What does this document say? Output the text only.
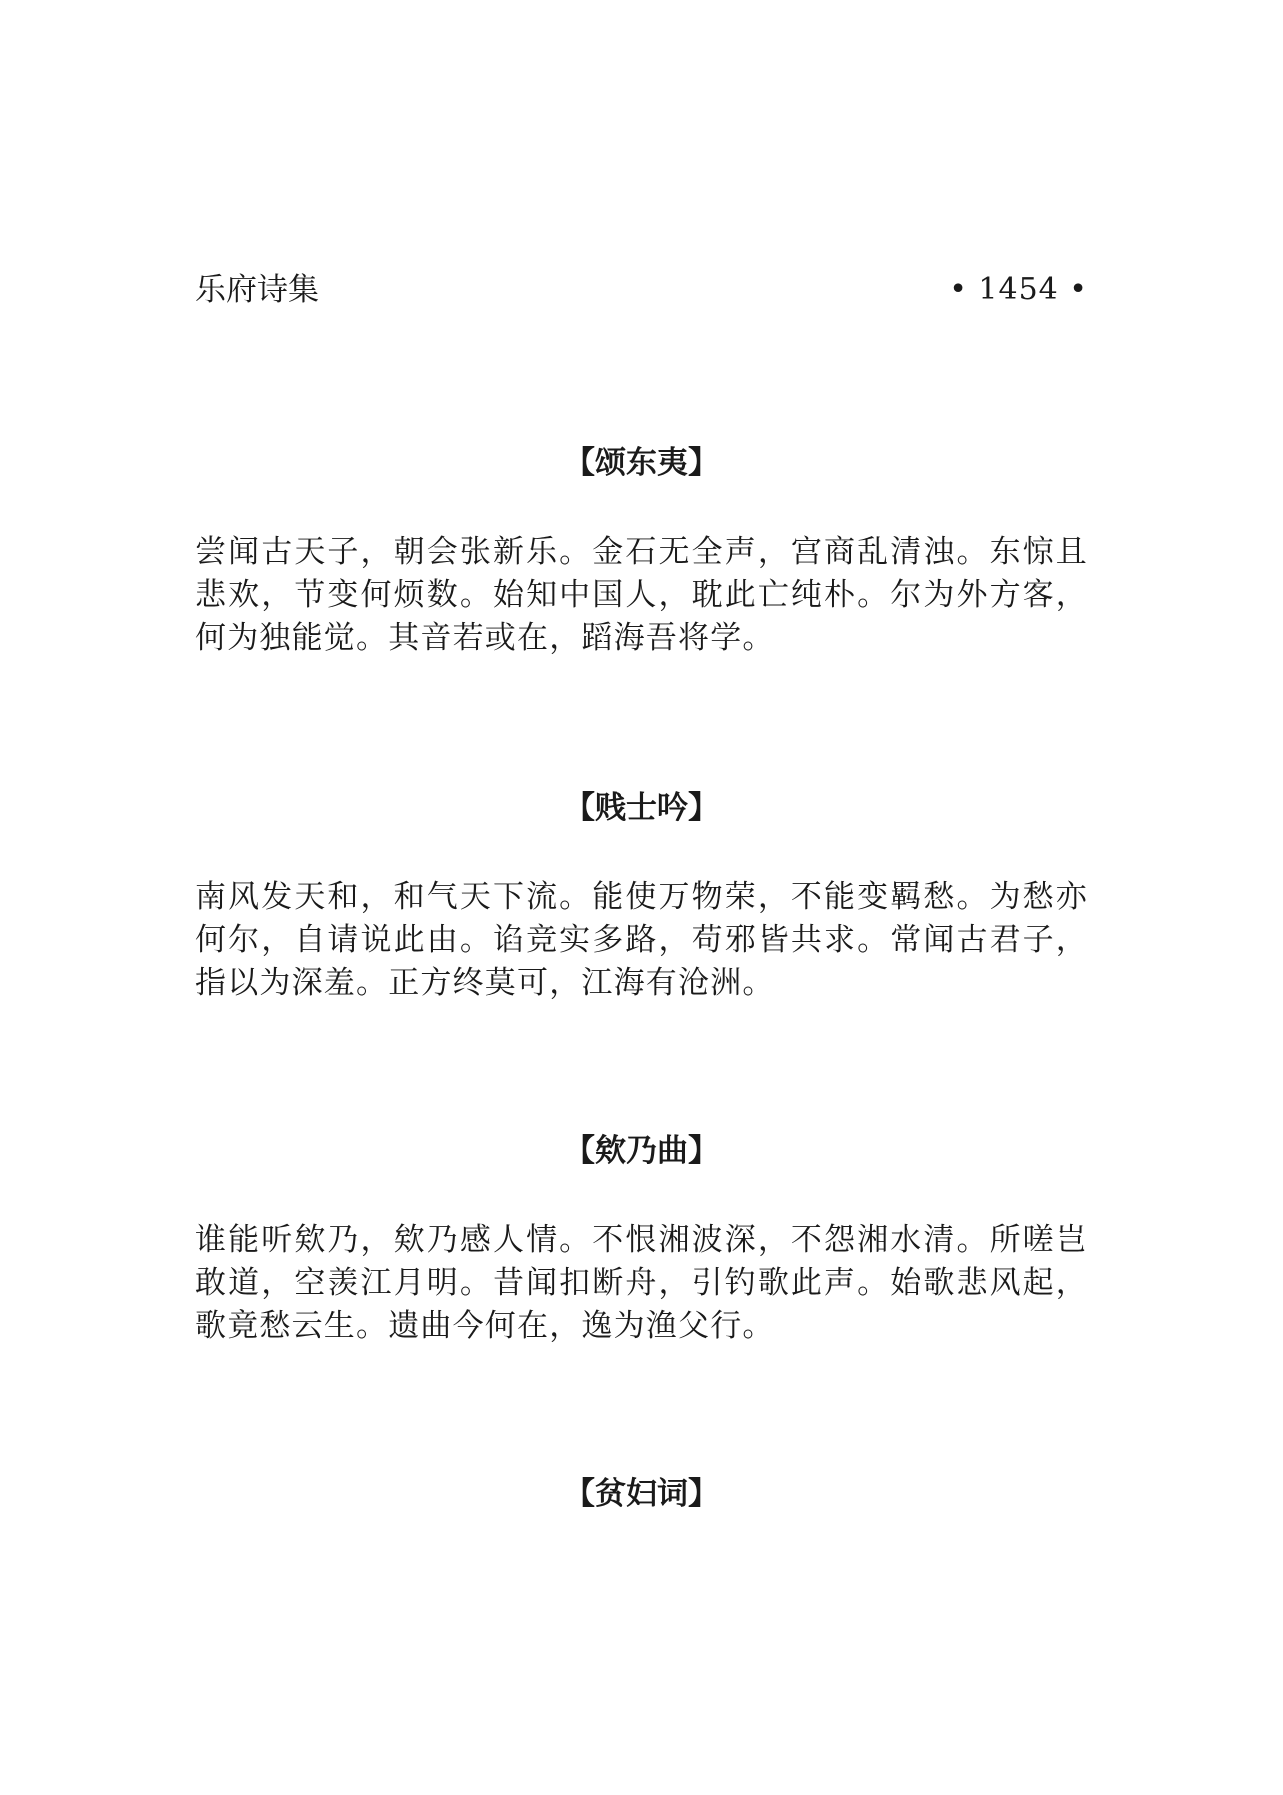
乐府诗集	• 1454 •
【颂东夷】

尝闻古天子，朝会张新乐。金石无全声，宫商乱清浊。东惊且悲欢，节变何烦数。始知中国人，耽此亡纯朴。尔为外方客，何为独能觉。其音若或在，蹈海吾将学。

【贱士吟】

南风发天和，和气天下流。能使万物荣，不能变羁愁。为愁亦何尔，自请说此由。谄竞实多路，苟邪皆共求。常闻古君子，指以为深羞。正方终莫可，江海有沧洲。

【欸乃曲】

谁能听欸乃，欸乃感人情。不恨湘波深，不怨湘水清。所嗟岂敢道，空羡江月明。昔闻扣断舟，引钓歌此声。始歌悲风起，歌竟愁云生。遗曲今何在，逸为渔父行。

【贫妇词】
